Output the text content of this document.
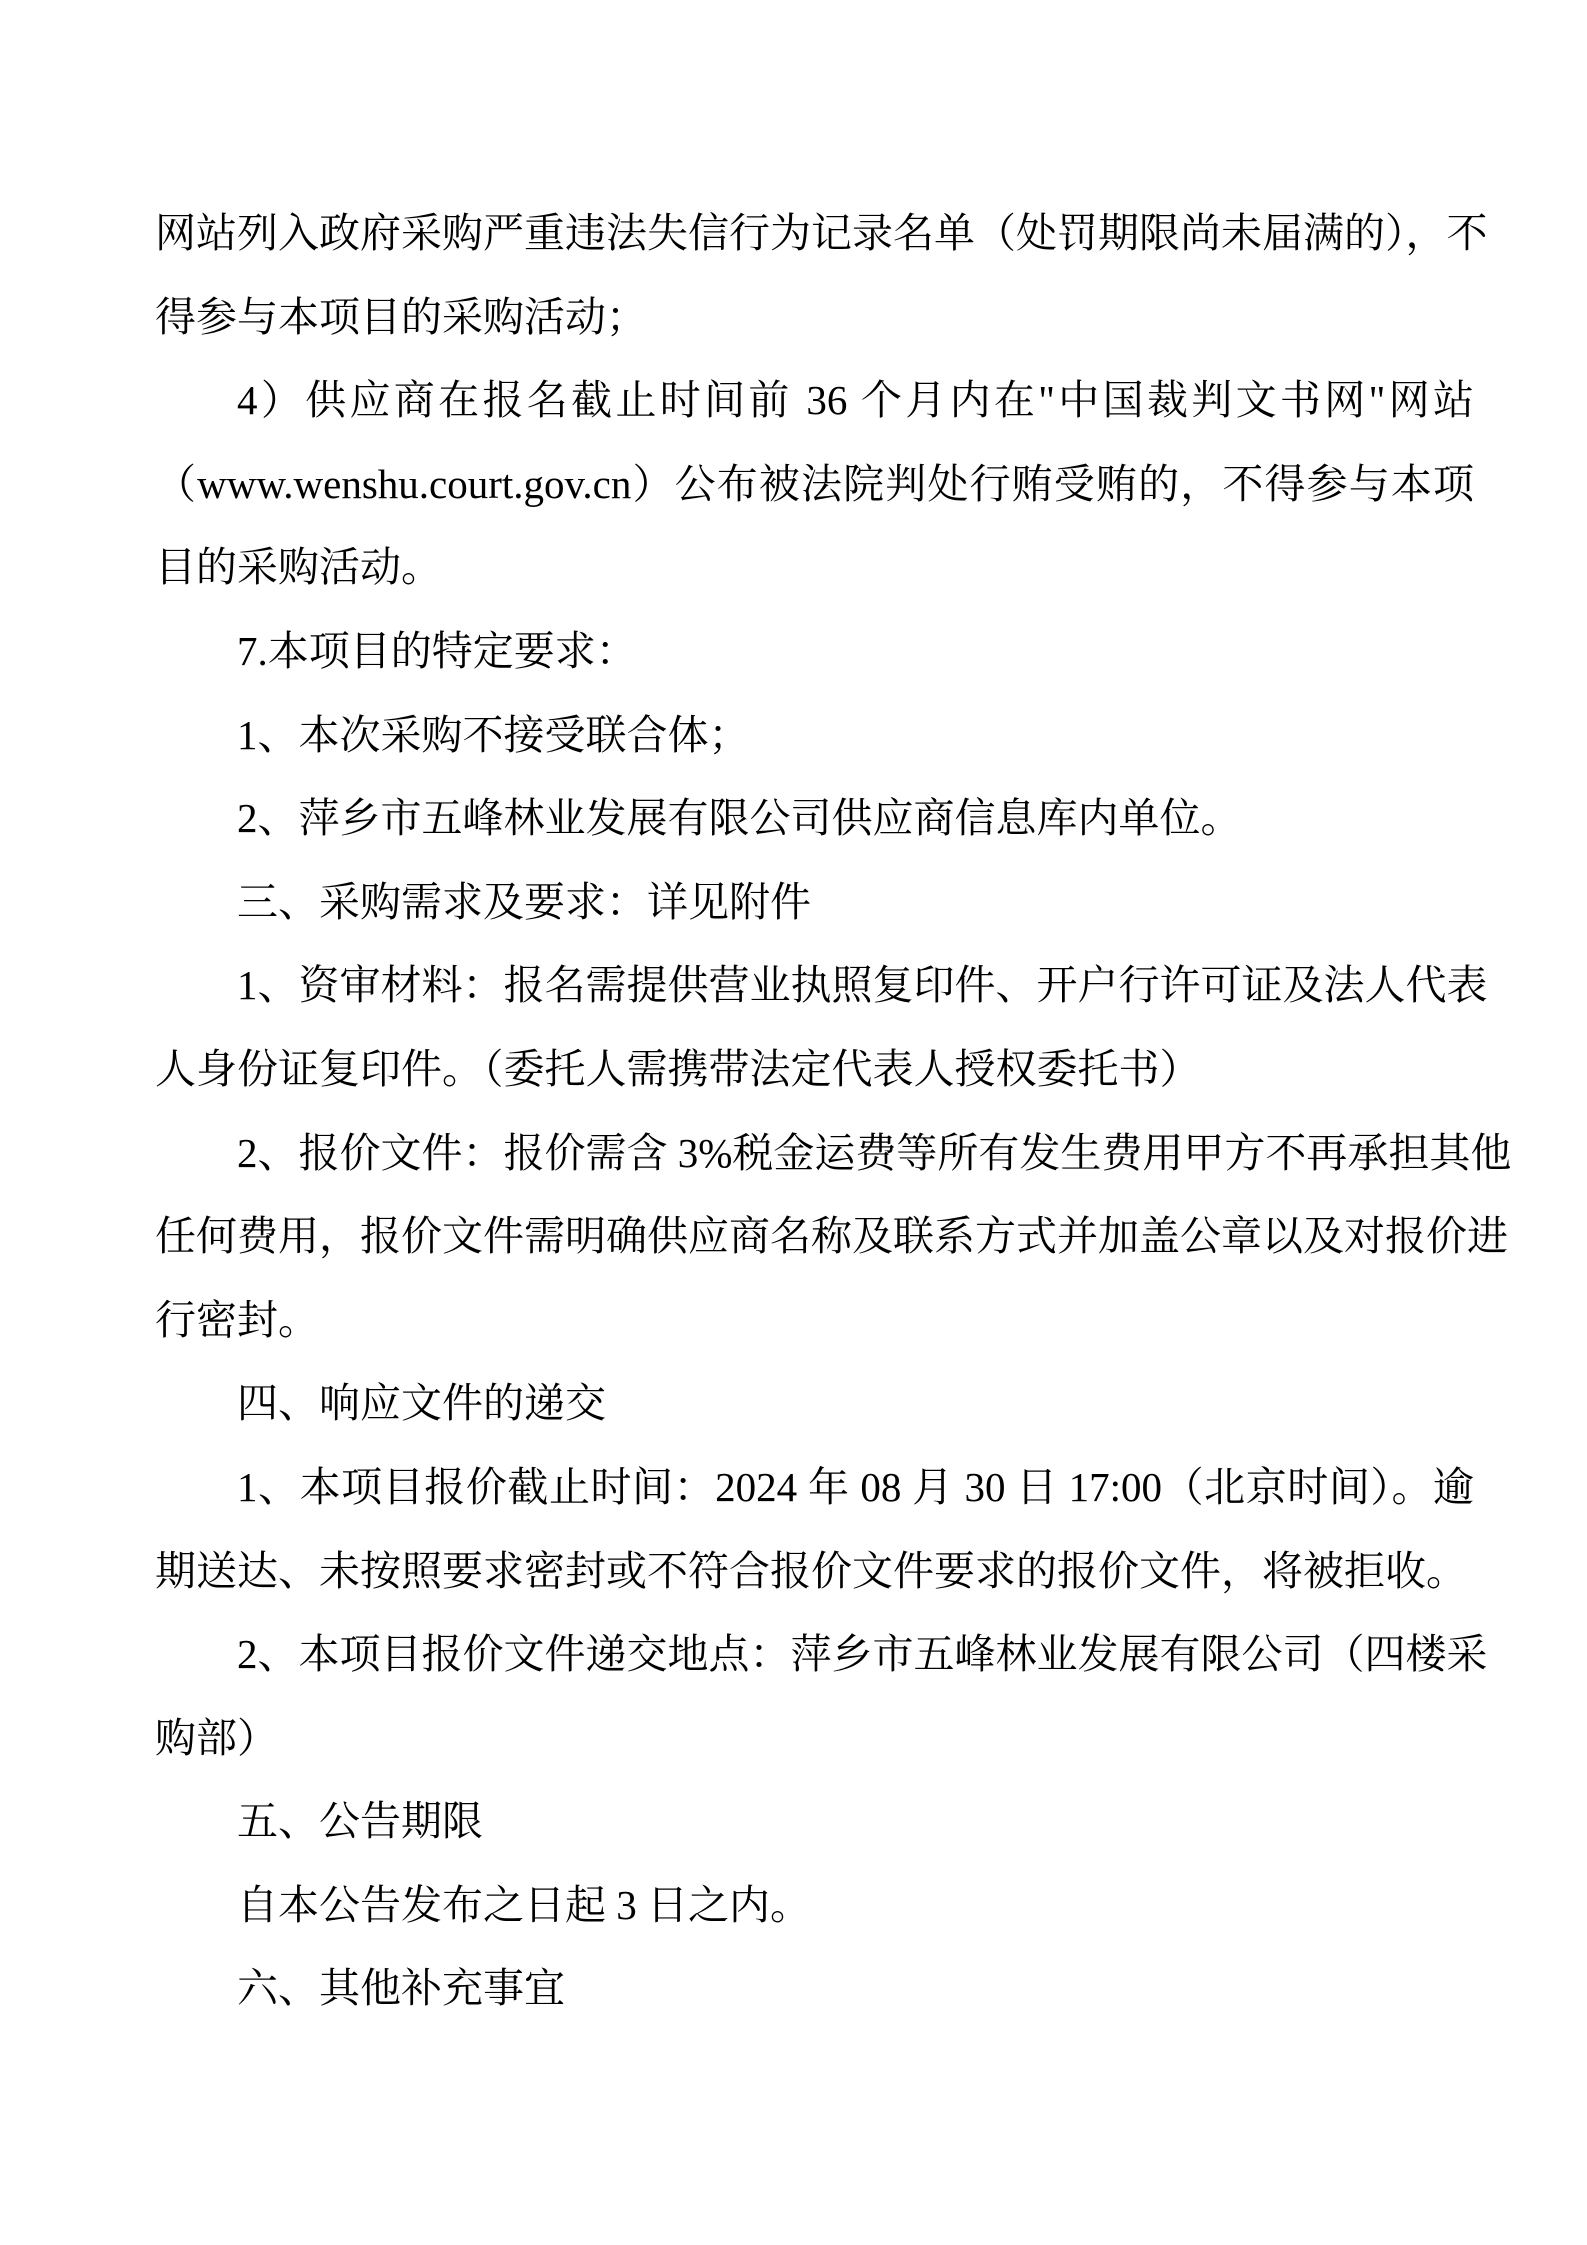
网站列入政府采购严重违法失信行为记录名单（处罚期限尚未届满的），不
得参与本项目的采购活动；
4）供应商在报名截止时间前 36 个月内在"中国裁判文书网"网站
（www.wenshu.court.gov.cn）公布被法院判处行贿受贿的，不得参与本项
目的采购活动。
7.本项目的特定要求：
1、本次采购不接受联合体；
2、萍乡市五峰林业发展有限公司供应商信息库内单位。
三、采购需求及要求：详见附件
1、资审材料：报名需提供营业执照复印件、开户行许可证及法人代表
人身份证复印件。（委托人需携带法定代表人授权委托书）
2、报价文件：报价需含 3%税金运费等所有发生费用甲方不再承担其他
任何费用，报价文件需明确供应商名称及联系方式并加盖公章以及对报价进
行密封。
四、响应文件的递交
1、本项目报价截止时间：2024 年 08 月 30 日 17:00（北京时间）。逾
期送达、未按照要求密封或不符合报价文件要求的报价文件，将被拒收。
2、本项目报价文件递交地点：萍乡市五峰林业发展有限公司（四楼采
购部）
五、公告期限
自本公告发布之日起 3 日之内。
六、其他补充事宜
